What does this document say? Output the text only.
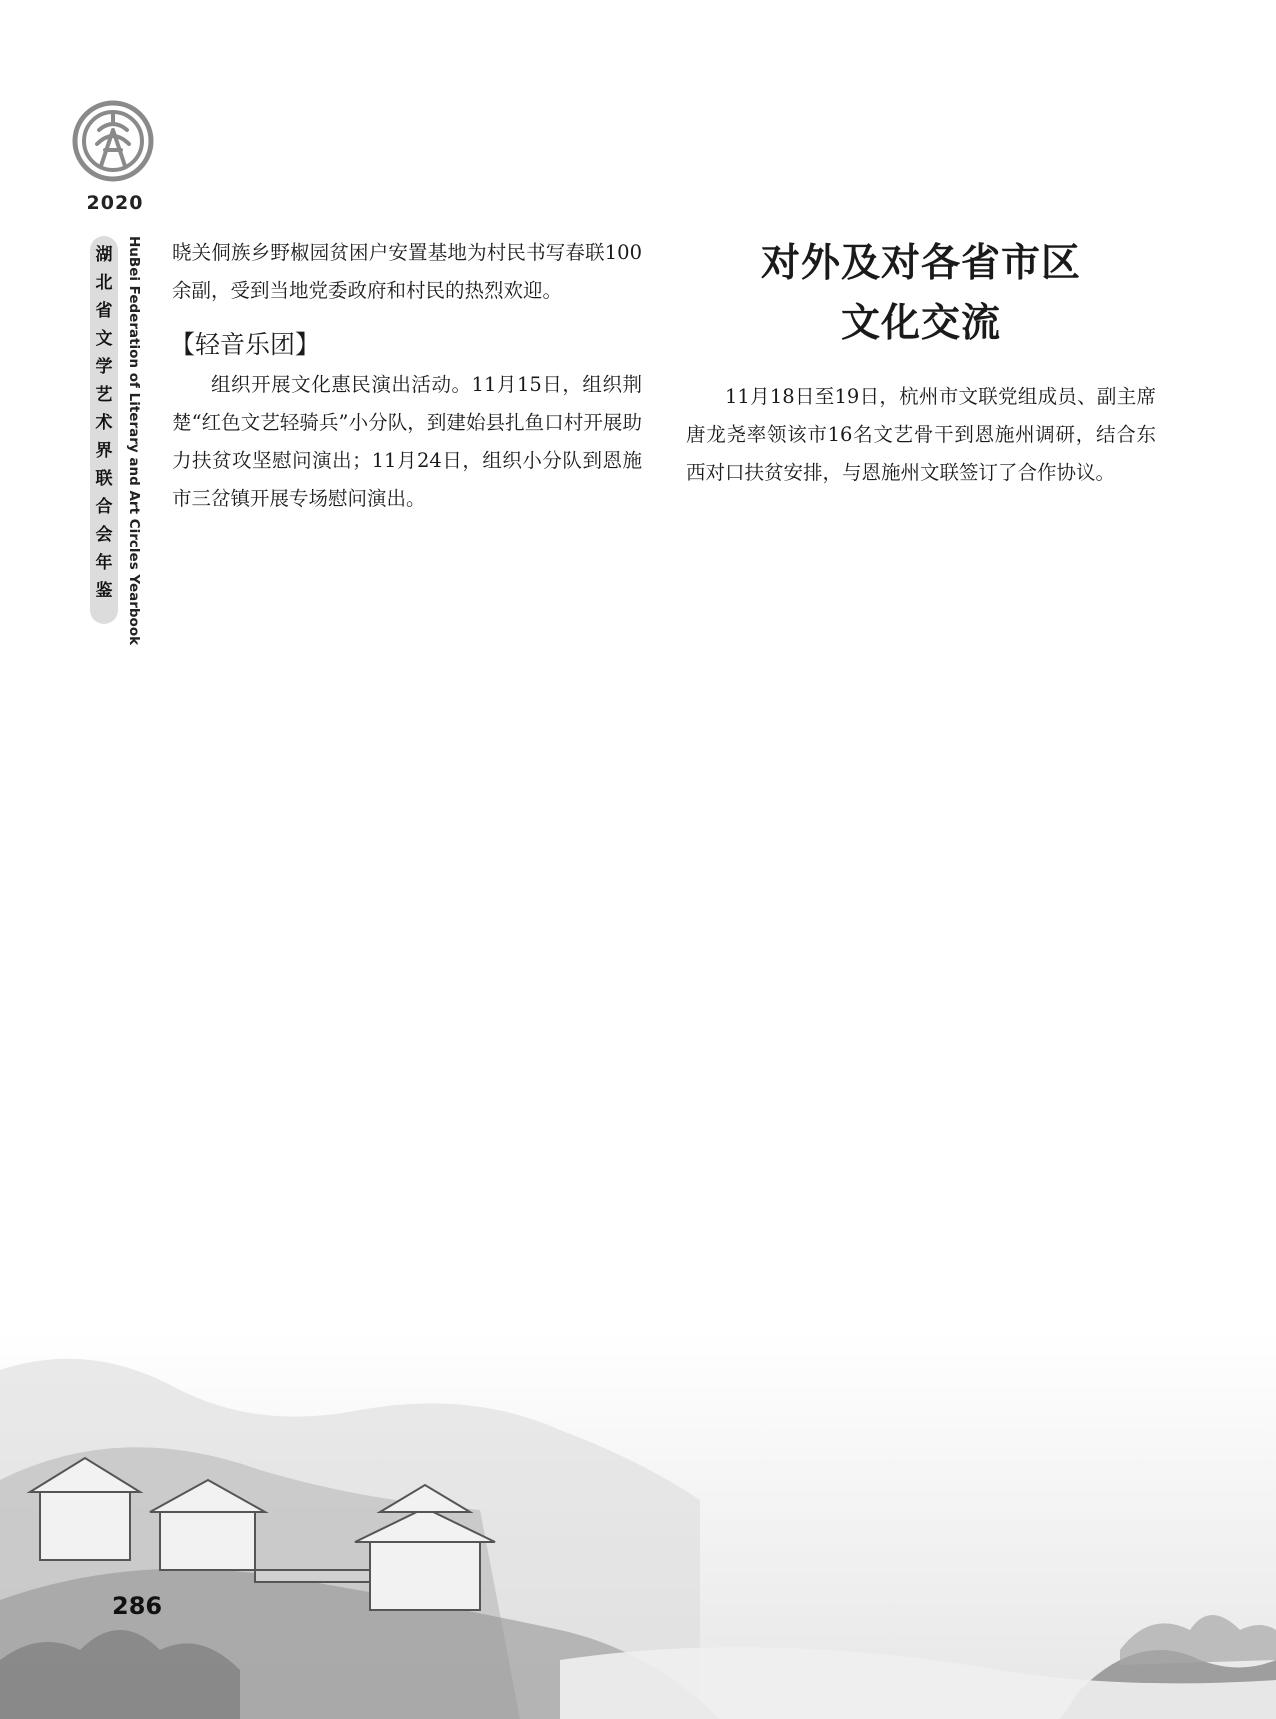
2020
湖
北
省
文
学
艺
术
界
联
合
会
年
鉴 HuBei Federation of Literary and Art Circles Yearbook 晓关侗族乡野椒园贫困户安置基地为村民书写春联100余副，受到当地党委政府和村民的热烈欢迎。

【轻音乐团】

组织开展文化惠民演出活动。11月15日，组织荆楚“红色文艺轻骑兵”小分队，到建始县扎鱼口村开展助力扶贫攻坚慰问演出；11月24日，组织小分队到恩施市三岔镇开展专场慰问演出。

对外及对各省市区
文化交流

11月18日至19日，杭州市文联党组成员、副主席唐龙尧率领该市16名文艺骨干到恩施州调研，结合东西对口扶贫安排，与恩施州文联签订了合作协议。

286
